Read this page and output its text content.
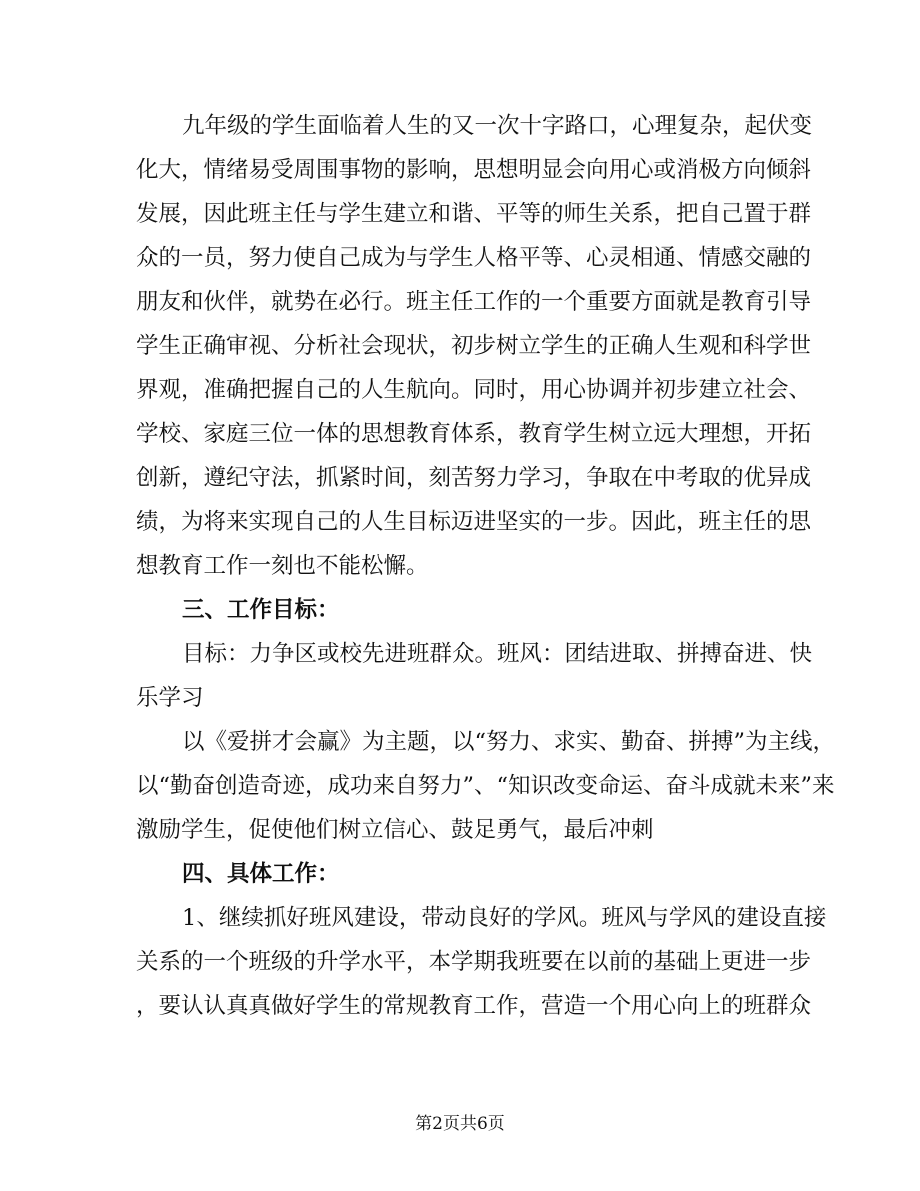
九年级的学生面临着人生的又一次十字路口，心理复杂，起伏变
化大，情绪易受周围事物的影响，思想明显会向用心或消极方向倾斜
发展，因此班主任与学生建立和谐、平等的师生关系，把自己置于群
众的一员，努力使自己成为与学生人格平等、心灵相通、情感交融的
朋友和伙伴，就势在必行。班主任工作的一个重要方面就是教育引导
学生正确审视、分析社会现状，初步树立学生的正确人生观和科学世
界观，准确把握自己的人生航向。同时，用心协调并初步建立社会、
学校、家庭三位一体的思想教育体系，教育学生树立远大理想，开拓
创新，遵纪守法，抓紧时间，刻苦努力学习，争取在中考取的优异成
绩，为将来实现自己的人生目标迈进坚实的一步。因此，班主任的思
想教育工作一刻也不能松懈。
三、工作目标：
目标：力争区或校先进班群众。班风：团结进取、拼搏奋进、快
乐学习
以《爱拼才会赢》为主题，以“努力、求实、勤奋、拼搏”为主线，
以“勤奋创造奇迹，成功来自努力”、“知识改变命运、奋斗成就未来”来
激励学生，促使他们树立信心、鼓足勇气，最后冲刺
四、具体工作：
1、继续抓好班风建设，带动良好的学风。班风与学风的建设直接
关系的一个班级的升学水平，本学期我班要在以前的基础上更进一步
，要认认真真做好学生的常规教育工作，营造一个用心向上的班群众
第2页共6页
